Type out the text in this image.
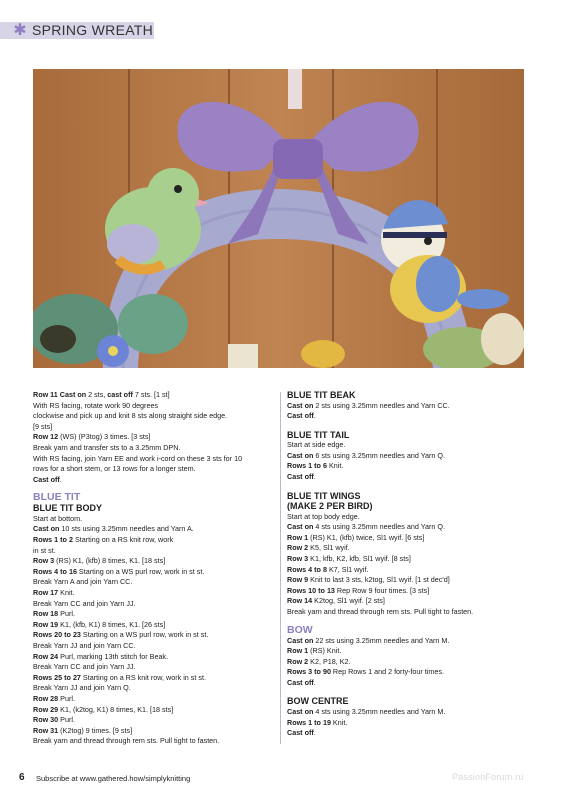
✱ SPRING WREATH
Row 11 Cast on 2 sts, cast off 7 sts. [1 st]
With RS facing, rotate work 90 degrees
clockwise and pick up and knit 8 sts along straight side edge.
[9 sts]
Row 12 (WS) (P3tog) 3 times. [3 sts]
Break yarn and transfer sts to a 3.25mm DPN.
With RS facing, join Yarn EE and work i-cord on these 3 sts for 10
rows for a short stem, or 13 rows for a longer stem.
Cast off.
BLUE TIT
BLUE TIT BODY
Start at bottom.
Cast on 10 sts using 3.25mm needles and Yarn A.
Rows 1 to 2 Starting on a RS knit row, work
in st st.
Row 3 (RS) K1, (kfb) 8 times, K1. [18 sts]
Rows 4 to 16 Starting on a WS purl row, work in st st.
Break Yarn A and join Yarn CC.
Row 17 Knit.
Break Yarn CC and join Yarn JJ.
Row 18 Purl.
Row 19 K1, (kfb, K1) 8 times, K1. [26 sts]
Rows 20 to 23 Starting on a WS purl row, work in st st.
Break Yarn JJ and join Yarn CC.
Row 24 Purl, marking 13th stitch for Beak.
Break Yarn CC and join Yarn JJ.
Rows 25 to 27 Starting on a RS knit row, work in st st.
Break Yarn JJ and join Yarn Q.
Row 28 Purl.
Row 29 K1, (k2tog, K1) 8 times, K1. [18 sts]
Row 30 Purl.
Row 31 (K2tog) 9 times. [9 sts]
Break yarn and thread through rem sts. Pull tight to fasten.
BLUE TIT BEAK
Cast on 2 sts using 3.25mm needles and Yarn CC.
Cast off.
BLUE TIT TAIL
Start at side edge.
Cast on 6 sts using 3.25mm needles and Yarn Q.
Rows 1 to 6 Knit.
Cast off.
BLUE TIT WINGS
(MAKE 2 PER BIRD)
Start at top body edge.
Cast on 4 sts using 3.25mm needles and Yarn Q.
Row 1 (RS) K1, (kfb) twice, Sl1 wyif. [6 sts]
Row 2 K5, Sl1 wyif.
Row 3 K1, kfb, K2, kfb, Sl1 wyif. [8 sts]
Rows 4 to 8 K7, Sl1 wyif.
Row 9 Knit to last 3 sts, k2tog, Sl1 wyif. [1 st dec'd]
Rows 10 to 13 Rep Row 9 four times. [3 sts]
Row 14 K2tog, Sl1 wyif. [2 sts]
Break yarn and thread through rem sts. Pull tight to fasten.
BOW
Cast on 22 sts using 3.25mm needles and Yarn M.
Row 1 (RS) Knit.
Row 2 K2, P18, K2.
Rows 3 to 90 Rep Rows 1 and 2 forty-four times.
Cast off.
BOW CENTRE
Cast on 4 sts using 3.25mm needles and Yarn M.
Rows 1 to 19 Knit.
Cast off.
6 Subscribe at www.gathered.how/simplyknitting	PassionForum.ru
